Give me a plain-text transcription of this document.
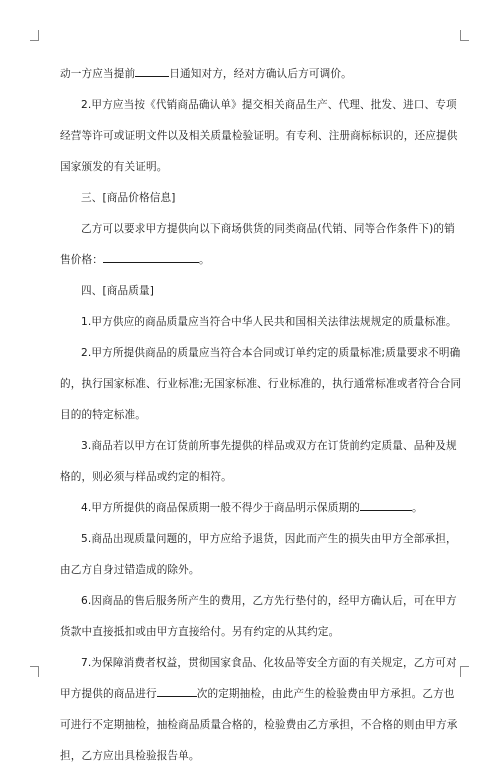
动一方应当提前	日通知对方，经对方确认后方可调价。
2.甲方应当按《代销商品确认单》提交相关商品生产、代理、批发、进口、专项
经营等许可或证明文件以及相关质量检验证明。有专利、注册商标标识的，还应提供
国家颁发的有关证明。
三、[商品价格信息]
乙方可以要求甲方提供向以下商场供货的同类商品(代销、同等合作条件下)的销
售价格：	。
四、[商品质量]
1.甲方供应的商品质量应当符合中华人民共和国相关法律法规规定的质量标准。
2.甲方所提供商品的质量应当符合本合同或订单约定的质量标准;质量要求不明确
的，执行国家标准、行业标准;无国家标准、行业标准的，执行通常标准或者符合合同
目的的特定标准。
3.商品若以甲方在订货前所事先提供的样品或双方在订货前约定质量、品种及规
格的，则必须与样品或约定的相符。
4.甲方所提供的商品保质期一般不得少于商品明示保质期的	。
5.商品出现质量问题的，甲方应给予退货，因此而产生的损失由甲方全部承担，
由乙方自身过错造成的除外。
6.因商品的售后服务所产生的费用，乙方先行垫付的，经甲方确认后，可在甲方
货款中直接抵扣或由甲方直接给付。另有约定的从其约定。
7.为保障消费者权益，贯彻国家食品、化妆品等安全方面的有关规定，乙方可对
甲方提供的商品进行	次的定期抽检，由此产生的检验费由甲方承担。乙方也
可进行不定期抽检，抽检商品质量合格的，检验费由乙方承担，不合格的则由甲方承
担，乙方应出具检验报告单。
